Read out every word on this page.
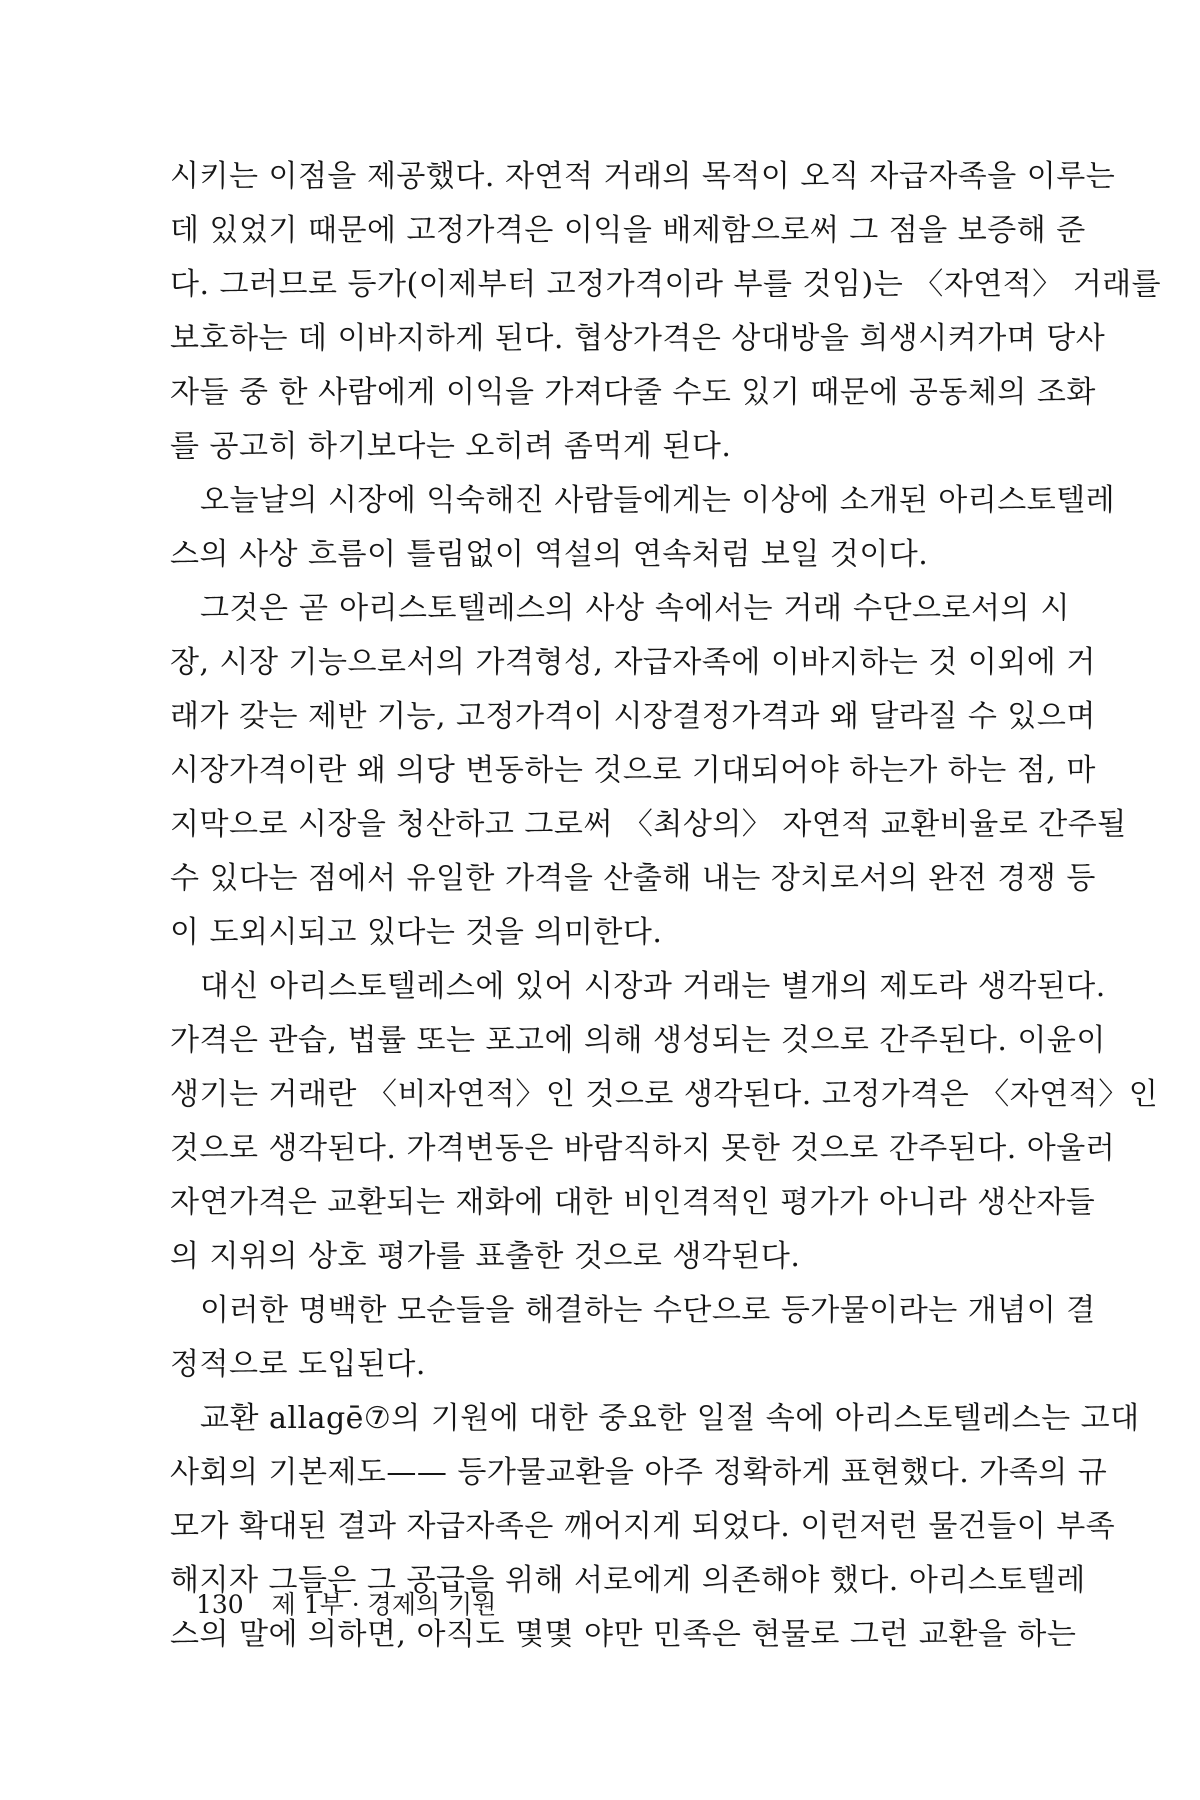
시키는 이점을 제공했다. 자연적 거래의 목적이 오직 자급자족을 이루는
데 있었기 때문에 고정가격은 이익을 배제함으로써 그 점을 보증해 준
다. 그러므로 등가(이제부터 고정가격이라 부를 것임)는 〈자연적〉 거래를
보호하는 데 이바지하게 된다. 협상가격은 상대방을 희생시켜가며 당사
자들 중 한 사람에게 이익을 가져다줄 수도 있기 때문에 공동체의 조화
를 공고히 하기보다는 오히려 좀먹게 된다.
오늘날의 시장에 익숙해진 사람들에게는 이상에 소개된 아리스토텔레
스의 사상 흐름이 틀림없이 역설의 연속처럼 보일 것이다.
그것은 곧 아리스토텔레스의 사상 속에서는 거래 수단으로서의 시
장, 시장 기능으로서의 가격형성, 자급자족에 이바지하는 것 이외에 거
래가 갖는 제반 기능, 고정가격이 시장결정가격과 왜 달라질 수 있으며
시장가격이란 왜 의당 변동하는 것으로 기대되어야 하는가 하는 점, 마
지막으로 시장을 청산하고 그로써 〈최상의〉 자연적 교환비율로 간주될
수 있다는 점에서 유일한 가격을 산출해 내는 장치로서의 완전 경쟁 등
이 도외시되고 있다는 것을 의미한다.
대신 아리스토텔레스에 있어 시장과 거래는 별개의 제도라 생각된다.
가격은 관습, 법률 또는 포고에 의해 생성되는 것으로 간주된다. 이윤이
생기는 거래란 〈비자연적〉인 것으로 생각된다. 고정가격은 〈자연적〉인
것으로 생각된다. 가격변동은 바람직하지 못한 것으로 간주된다. 아울러
자연가격은 교환되는 재화에 대한 비인격적인 평가가 아니라 생산자들
의 지위의 상호 평가를 표출한 것으로 생각된다.
이러한 명백한 모순들을 해결하는 수단으로 등가물이라는 개념이 결
정적으로 도입된다.
교환 allagē⑦의 기원에 대한 중요한 일절 속에 아리스토텔레스는 고대
사회의 기본제도—— 등가물교환을 아주 정확하게 표현했다. 가족의 규
모가 확대된 결과 자급자족은 깨어지게 되었다. 이런저런 물건들이 부족
해지자 그들은 그 공급을 위해 서로에게 의존해야 했다. 아리스토텔레
스의 말에 의하면, 아직도 몇몇 야만 민족은 현물로 그런 교환을 하는
130 제 1부 · 경제의 기원
